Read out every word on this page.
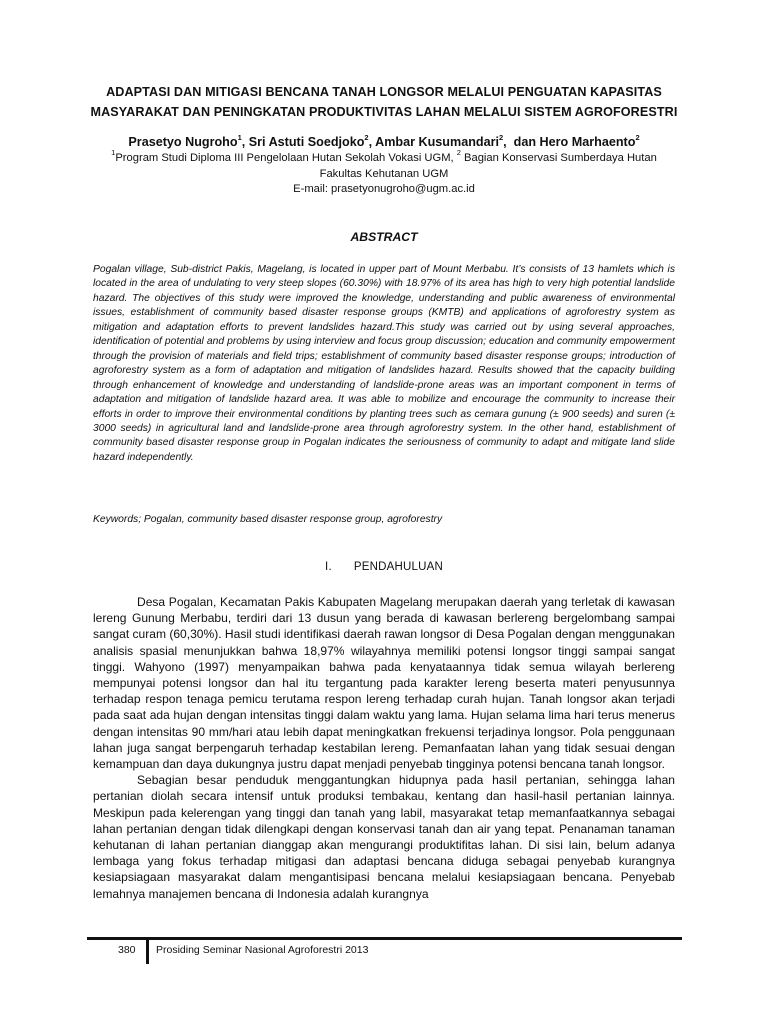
ADAPTASI DAN MITIGASI BENCANA TANAH LONGSOR MELALUI PENGUATAN KAPASITAS
MASYARAKAT DAN PENINGKATAN PRODUKTIVITAS LAHAN MELALUI SISTEM AGROFORESTRI
Prasetyo Nugroho$^1$, Sri Astuti Soedjoko$^2$, Ambar Kusumandari$^2$,  dan Hero Marhaento$^2$
$^1$Program Studi Diploma III Pengelolaan Hutan Sekolah Vokasi UGM, $^2$ Bagian Konservasi Sumberdaya Hutan
Fakultas Kehutanan UGM
E-mail: prasetyonugroho@ugm.ac.id
ABSTRACT
Pogalan village, Sub-district Pakis, Magelang, is located in upper part of Mount Merbabu. It’s consists of 13 hamlets which is located in the area of undulating to very steep slopes (60.30%) with 18.97% of its area has high to very high potential landslide hazard. The objectives of this study were improved the knowledge, understanding and public awareness of environmental issues, establishment of community based disaster response groups (KMTB) and applications of agroforestry system as mitigation and adaptation efforts to prevent landslides hazard.This study was carried out by using several approaches, identification of potential and problems by using interview and focus group discussion; education and community empowerment through the provision of materials and field trips; establishment of community based disaster response groups; introduction of agroforestry system as a form of adaptation and mitigation of landslides hazard. Results showed that the capacity building through enhancement of knowledge and understanding of landslide-prone areas was an important component in terms of adaptation and mitigation of landslide hazard area. It was able to mobilize and encourage the community to increase their efforts in order to improve their environmental conditions by planting trees such as cemara gunung (± 900 seeds) and suren (± 3000 seeds) in agricultural land and landslide-prone area through agroforestry system. In the other hand, establishment of community based disaster response group in Pogalan indicates the seriousness of community to adapt and mitigate land slide hazard independently.
Keywords; Pogalan, community based disaster response group, agroforestry
I. PENDAHULUAN

Desa Pogalan, Kecamatan Pakis Kabupaten Magelang merupakan daerah yang terletak di kawasan lereng Gunung Merbabu, terdiri dari 13 dusun yang berada di kawasan berlereng bergelombang sampai sangat curam (60,30%). Hasil studi identifikasi daerah rawan longsor di Desa Pogalan dengan menggunakan analisis spasial menunjukkan bahwa 18,97% wilayahnya memiliki potensi longsor tinggi sampai sangat tinggi. Wahyono (1997) menyampaikan bahwa pada kenyataannya tidak semua wilayah berlereng mempunyai potensi longsor dan hal itu tergantung pada karakter lereng beserta materi penyusunnya terhadap respon tenaga pemicu terutama respon lereng terhadap curah hujan. Tanah longsor akan terjadi pada saat ada hujan dengan intensitas tinggi dalam waktu yang lama. Hujan selama lima hari terus menerus dengan intensitas 90 mm/hari atau lebih dapat meningkatkan frekuensi terjadinya longsor. Pola penggunaan lahan juga sangat berpengaruh terhadap kestabilan lereng. Pemanfaatan lahan yang tidak sesuai dengan kemampuan dan daya dukungnya justru dapat menjadi penyebab tingginya potensi bencana tanah longsor.

Sebagian besar penduduk menggantungkan hidupnya pada hasil pertanian, sehingga lahan pertanian diolah secara intensif untuk produksi tembakau, kentang dan hasil-hasil pertanian lainnya. Meskipun pada kelerengan yang tinggi dan tanah yang labil, masyarakat tetap memanfaatkannya sebagai lahan pertanian dengan tidak dilengkapi dengan konservasi tanah dan air yang tepat. Penanaman tanaman kehutanan di lahan pertanian dianggap akan mengurangi produktifitas lahan. Di sisi lain, belum adanya lembaga yang fokus terhadap mitigasi dan adaptasi bencana diduga sebagai penyebab kurangnya kesiapsiagaan masyarakat dalam mengantisipasi bencana melalui kesiapsiagaan bencana. Penyebab lemahnya manajemen bencana di Indonesia adalah kurangnya

380 Prosiding Seminar Nasional Agroforestri 2013
